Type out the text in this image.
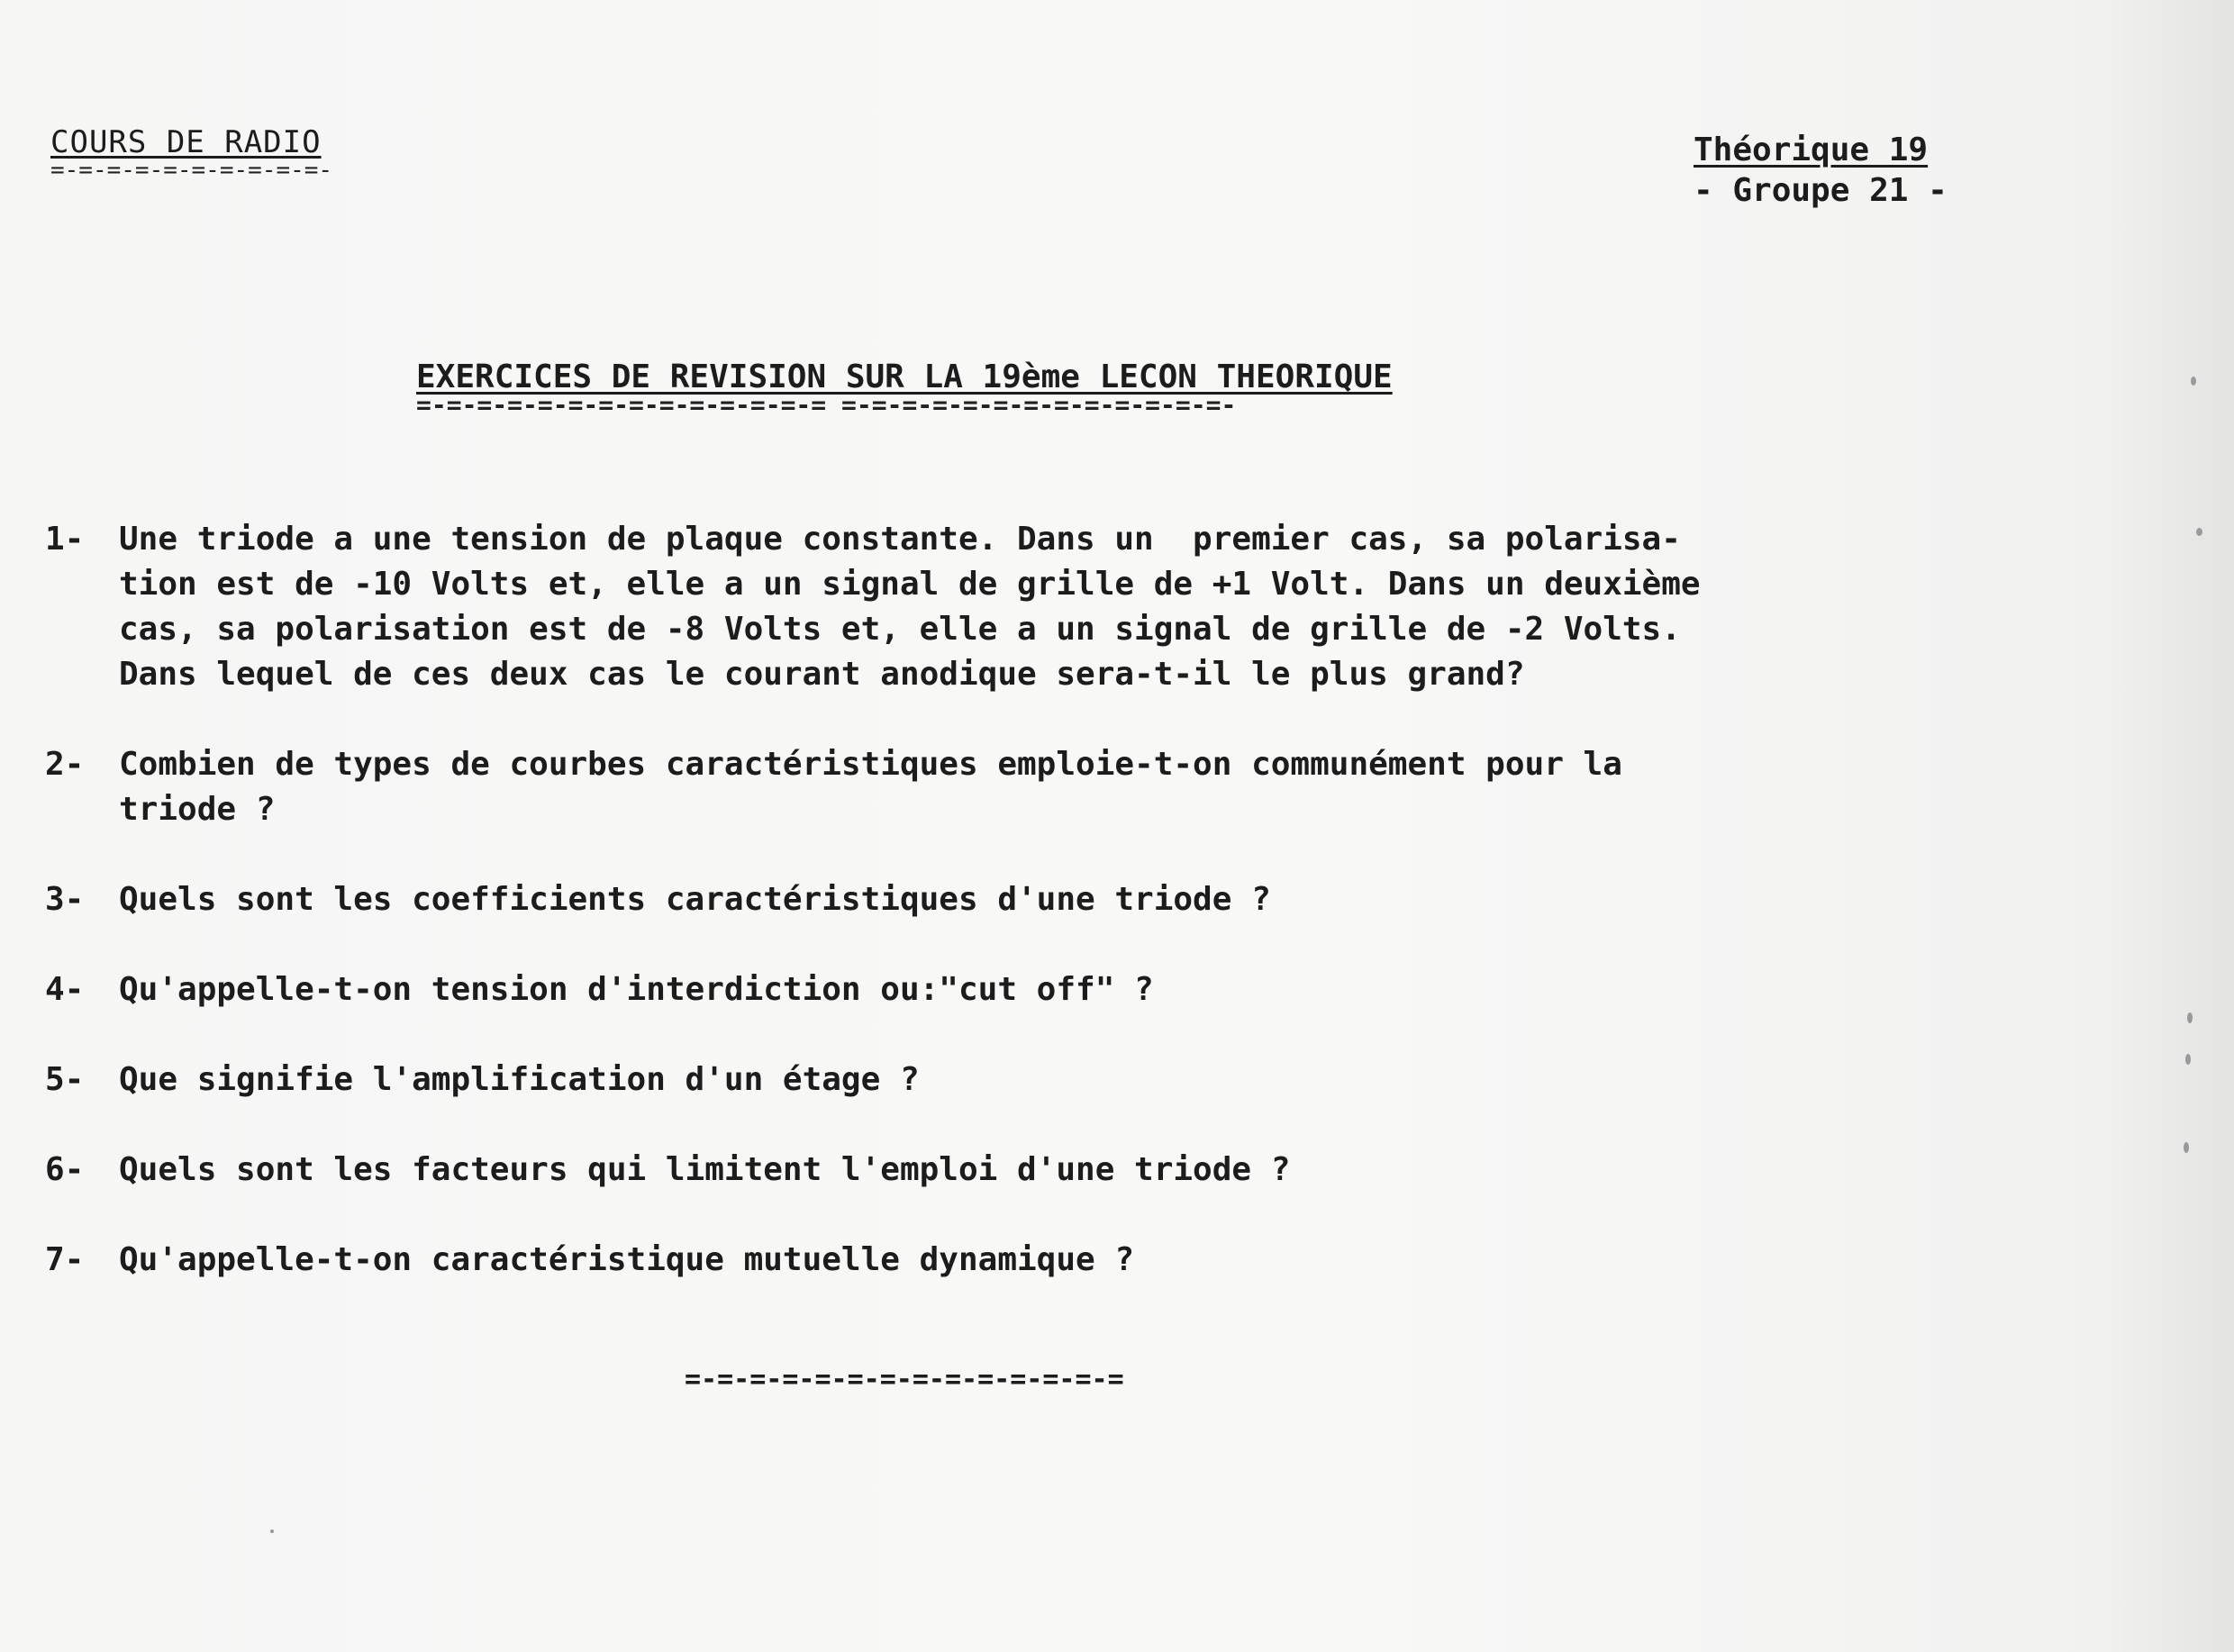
COURS DE RADIO
=-=-=-=-=-=-=-=-=-=-
Théorique 19
- Groupe 21 -
EXERCICES DE REVISION SUR LA 19ème LECON THEORIQUE
=-=-=-=-=-=-=-=-=-=-=-=-=-= =-=-=-=-=-=-=-=-=-=-=-=-=-
1-	Une triode a une tension de plaque constante. Dans un  premier cas, sa polarisa-
tion est de -10 Volts et, elle a un signal de grille de +1 Volt. Dans un deuxième
cas, sa polarisation est de -8 Volts et, elle a un signal de grille de -2 Volts.
Dans lequel de ces deux cas le courant anodique sera-t-il le plus grand?
2-	Combien de types de courbes caractéristiques emploie-t-on communément pour la
triode ?
3-	Quels sont les coefficients caractéristiques d'une triode ?
4-	Qu'appelle-t-on tension d'interdiction ou:"cut off" ?
5-	Que signifie l'amplification d'un étage ?
6-	Quels sont les facteurs qui limitent l'emploi d'une triode ?
7-	Qu'appelle-t-on caractéristique mutuelle dynamique ?
=-=-=-=-=-=-=-=-=-=-=-=-=-=
